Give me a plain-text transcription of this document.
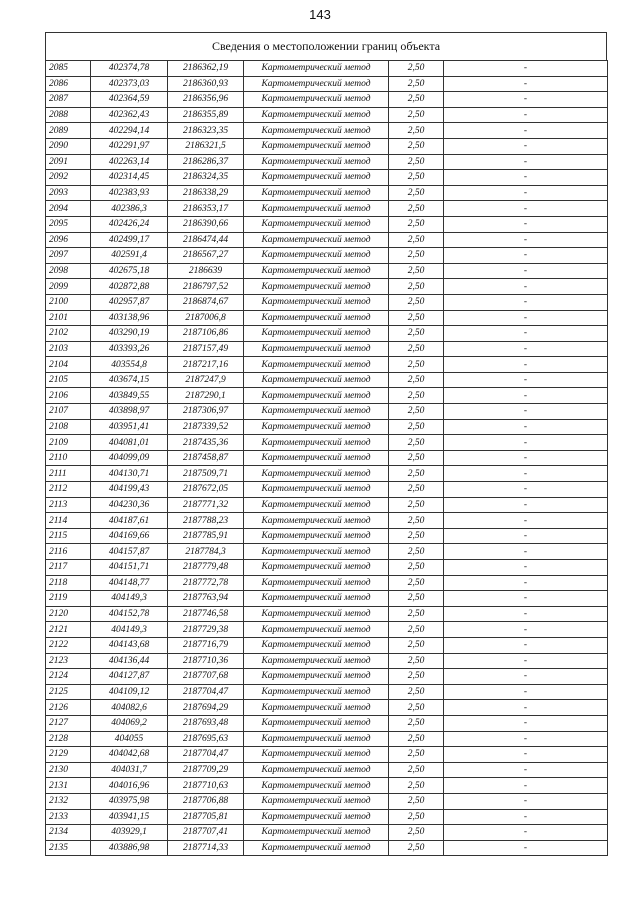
143
Сведения о местоположении границ объекта
2085	402374,78	2186362,19	Картометрический метод	2,50	-
2086	402373,03	2186360,93	Картометрический метод	2,50	-
2087	402364,59	2186356,96	Картометрический метод	2,50	-
2088	402362,43	2186355,89	Картометрический метод	2,50	-
2089	402294,14	2186323,35	Картометрический метод	2,50	-
2090	402291,97	2186321,5	Картометрический метод	2,50	-
2091	402263,14	2186286,37	Картометрический метод	2,50	-
2092	402314,45	2186324,35	Картометрический метод	2,50	-
2093	402383,93	2186338,29	Картометрический метод	2,50	-
2094	402386,3	2186353,17	Картометрический метод	2,50	-
2095	402426,24	2186390,66	Картометрический метод	2,50	-
2096	402499,17	2186474,44	Картометрический метод	2,50	-
2097	402591,4	2186567,27	Картометрический метод	2,50	-
2098	402675,18	2186639	Картометрический метод	2,50	-
2099	402872,88	2186797,52	Картометрический метод	2,50	-
2100	402957,87	2186874,67	Картометрический метод	2,50	-
2101	403138,96	2187006,8	Картометрический метод	2,50	-
2102	403290,19	2187106,86	Картометрический метод	2,50	-
2103	403393,26	2187157,49	Картометрический метод	2,50	-
2104	403554,8	2187217,16	Картометрический метод	2,50	-
2105	403674,15	2187247,9	Картометрический метод	2,50	-
2106	403849,55	2187290,1	Картометрический метод	2,50	-
2107	403898,97	2187306,97	Картометрический метод	2,50	-
2108	403951,41	2187339,52	Картометрический метод	2,50	-
2109	404081,01	2187435,36	Картометрический метод	2,50	-
2110	404099,09	2187458,87	Картометрический метод	2,50	-
2111	404130,71	2187509,71	Картометрический метод	2,50	-
2112	404199,43	2187672,05	Картометрический метод	2,50	-
2113	404230,36	2187771,32	Картометрический метод	2,50	-
2114	404187,61	2187788,23	Картометрический метод	2,50	-
2115	404169,66	2187785,91	Картометрический метод	2,50	-
2116	404157,87	2187784,3	Картометрический метод	2,50	-
2117	404151,71	2187779,48	Картометрический метод	2,50	-
2118	404148,77	2187772,78	Картометрический метод	2,50	-
2119	404149,3	2187763,94	Картометрический метод	2,50	-
2120	404152,78	2187746,58	Картометрический метод	2,50	-
2121	404149,3	2187729,38	Картометрический метод	2,50	-
2122	404143,68	2187716,79	Картометрический метод	2,50	-
2123	404136,44	2187710,36	Картометрический метод	2,50	-
2124	404127,87	2187707,68	Картометрический метод	2,50	-
2125	404109,12	2187704,47	Картометрический метод	2,50	-
2126	404082,6	2187694,29	Картометрический метод	2,50	-
2127	404069,2	2187693,48	Картометрический метод	2,50	-
2128	404055	2187695,63	Картометрический метод	2,50	-
2129	404042,68	2187704,47	Картометрический метод	2,50	-
2130	404031,7	2187709,29	Картометрический метод	2,50	-
2131	404016,96	2187710,63	Картометрический метод	2,50	-
2132	403975,98	2187706,88	Картометрический метод	2,50	-
2133	403941,15	2187705,81	Картометрический метод	2,50	-
2134	403929,1	2187707,41	Картометрический метод	2,50	-
2135	403886,98	2187714,33	Картометрический метод	2,50	-
